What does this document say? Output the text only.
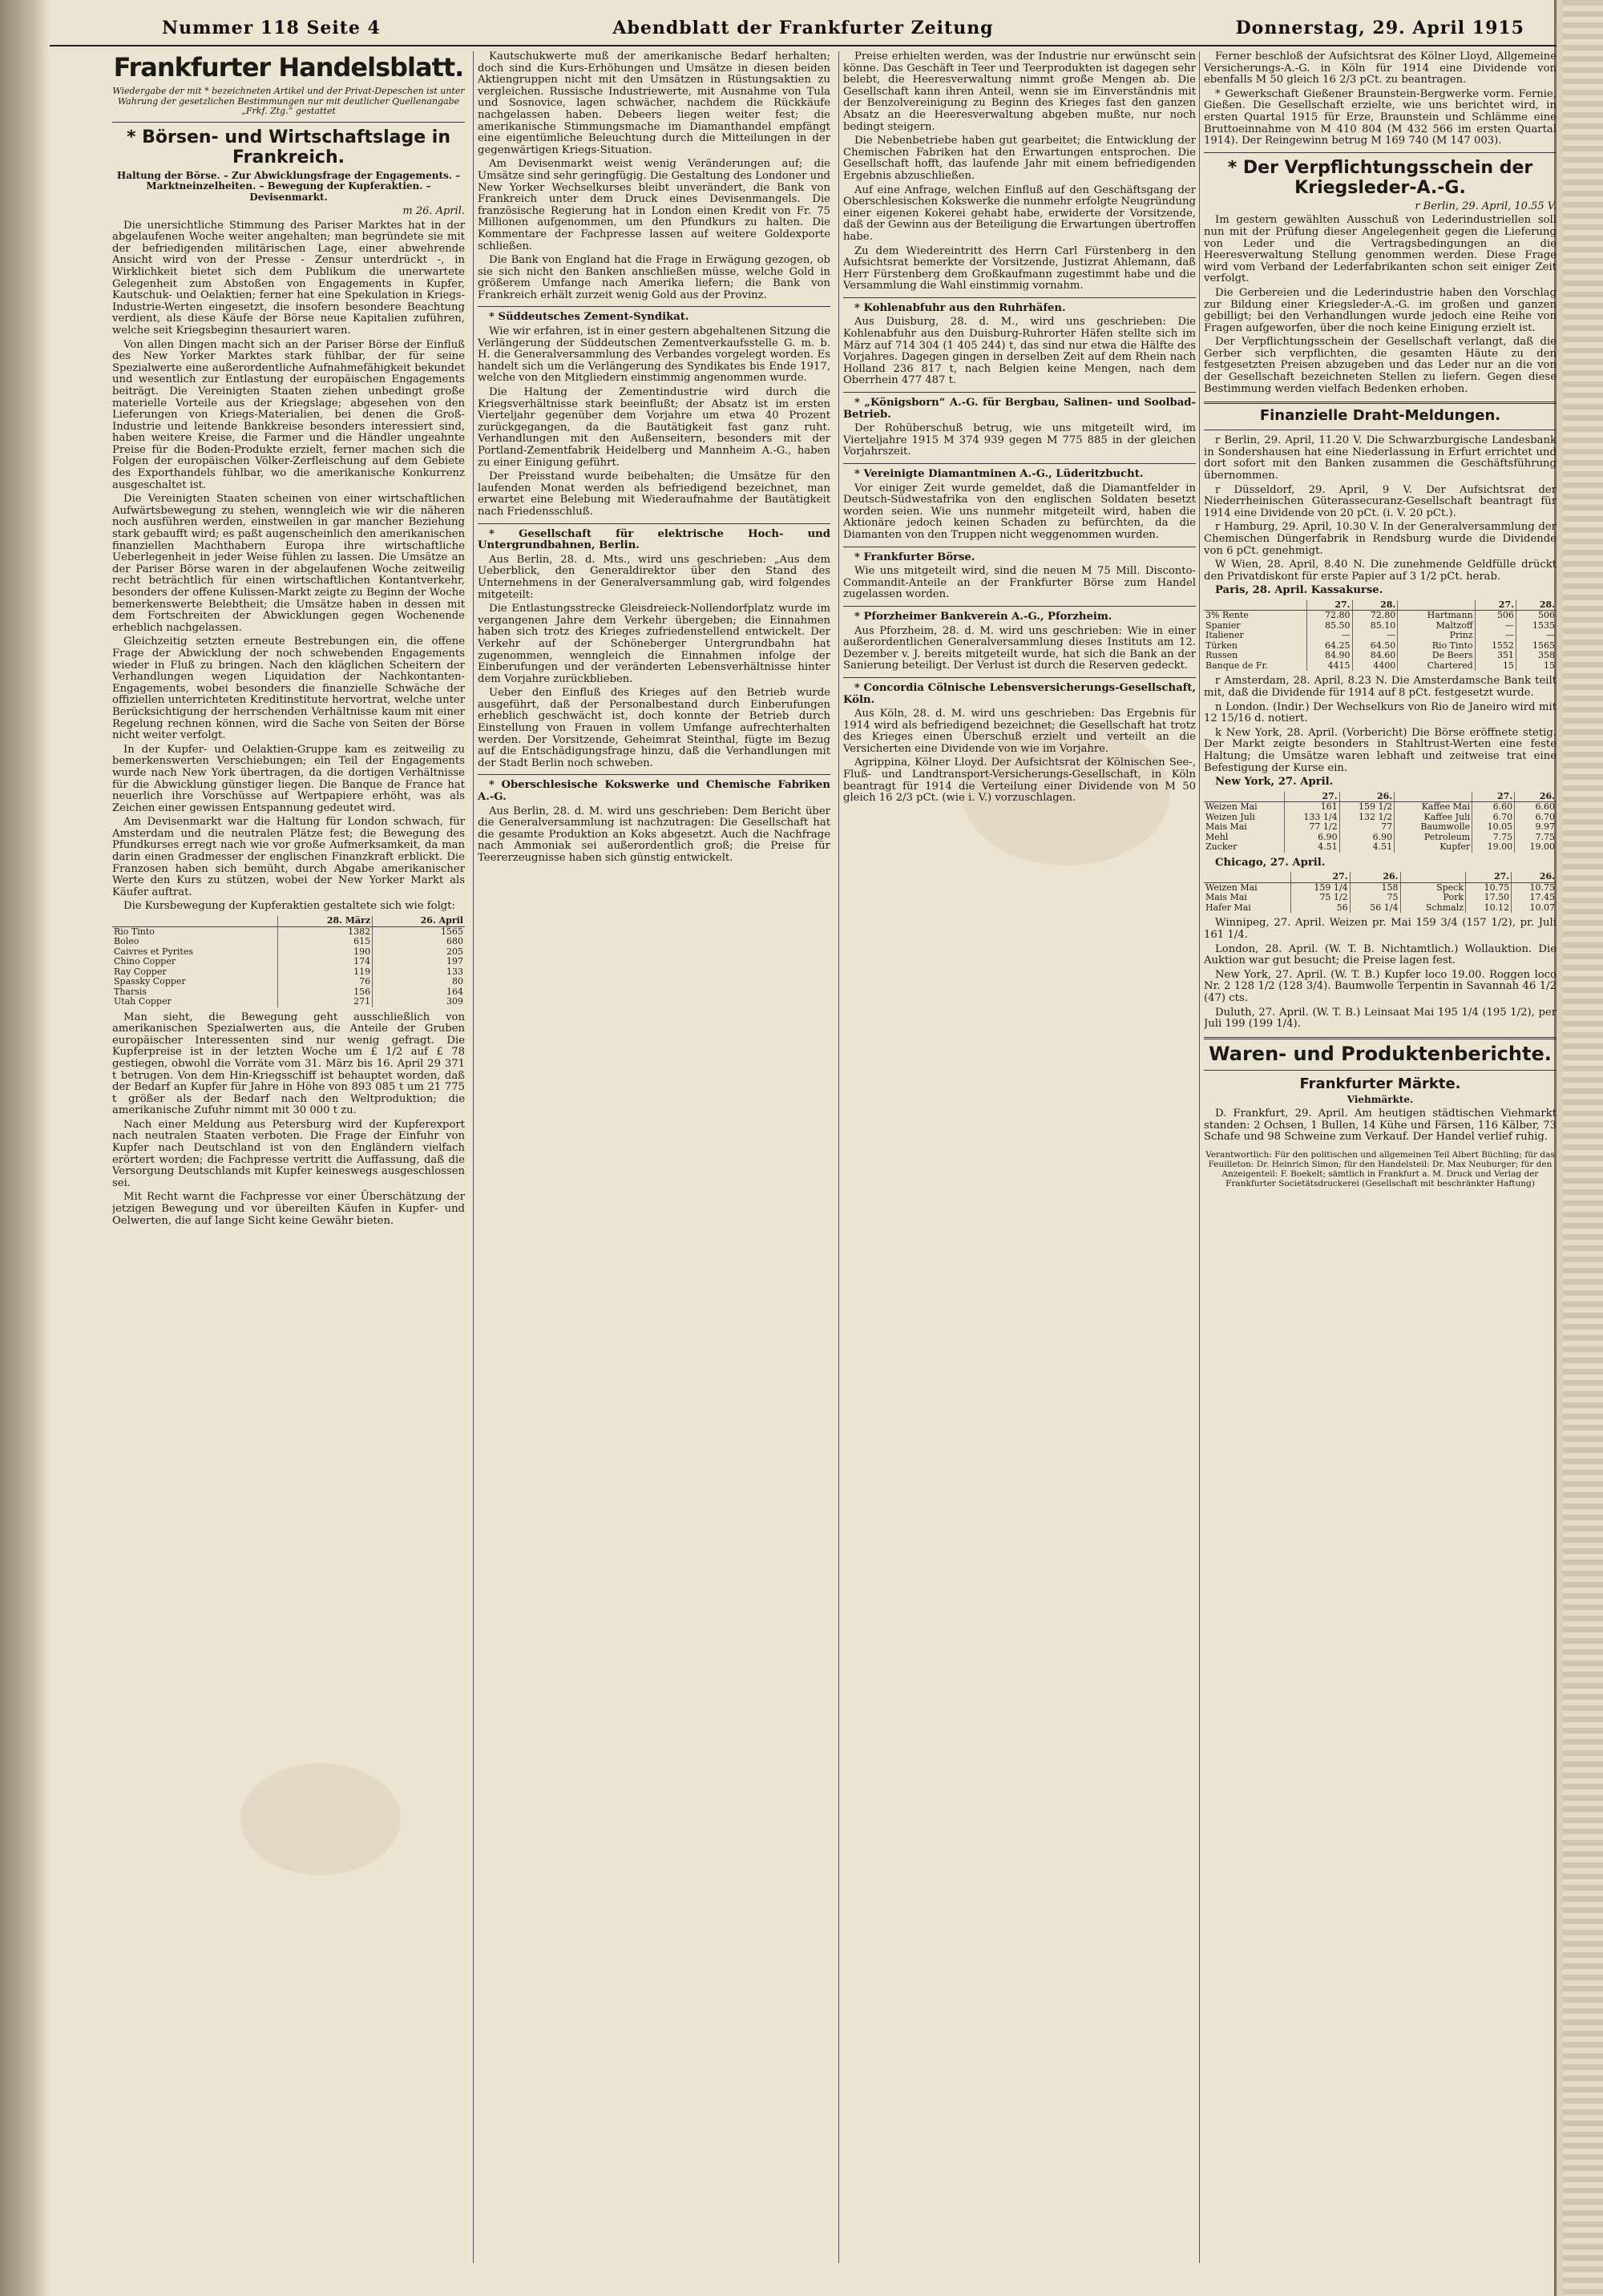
Nummer 118 Seite 4	Abendblatt der Frankfurter Zeitung	Donnerstag, 29. April 1915
Frankfurter Handelsblatt.
Wiedergabe der mit * bezeichneten Artikel und der Privat-Depeschen ist unter Wahrung der gesetzlichen Bestimmungen nur mit deutlicher Quellenangabe „Frkf. Ztg.“ gestattet
* Börsen- und Wirtschaftslage in Frankreich.
Haltung der Börse. – Zur Abwicklungsfrage der Engagements. – Marktneinzelheiten. – Bewegung der Kupferaktien. – Devisenmarkt.
m 26. April.

Die unersichtliche Stimmung des Pariser Marktes hat in der abgelaufenen Woche weiter angehalten; man begründete sie mit der befriedigenden militärischen Lage, einer abwehrende Ansicht wird von der Presse - Zensur unterdrückt -, in Wirklichkeit bietet sich dem Publikum die unerwartete Gelegenheit zum Abstoßen von Engagements in Kupfer, Kautschuk- und Oelaktien; ferner hat eine Spekulation in Kriegs-Industrie-Werten eingesetzt, die insofern besondere Beachtung verdient, als diese Käufe der Börse neue Kapitalien zuführen, welche seit Kriegsbeginn thesauriert waren.

Von allen Dingen macht sich an der Pariser Börse der Einfluß des New Yorker Marktes stark fühlbar, der für seine Spezialwerte eine außerordentliche Aufnahmefähigkeit bekundet und wesentlich zur Entlastung der europäischen Engagements beiträgt. Die Vereinigten Staaten ziehen unbedingt große materielle Vorteile aus der Kriegslage; abgesehen von den Lieferungen von Kriegs-Materialien, bei denen die Groß-Industrie und leitende Bankkreise besonders interessiert sind, haben weitere Kreise, die Farmer und die Händler ungeahnte Preise für die Boden-Produkte erzielt, ferner machen sich die Folgen der europäischen Völker-Zerfleischung auf dem Gebiete des Exporthandels fühlbar, wo die amerikanische Konkurrenz ausgeschaltet ist.

Die Vereinigten Staaten scheinen von einer wirtschaftlichen Aufwärtsbewegung zu stehen, wenngleich wie wir die näheren noch ausführen werden, einstweilen in gar mancher Beziehung stark gebaufft wird; es paßt augenscheinlich den amerikanischen finanziellen Machthabern Europa ihre wirtschaftliche Ueberlegenheit in jeder Weise fühlen zu lassen. Die Umsätze an der Pariser Börse waren in der abgelaufenen Woche zeitweilig recht beträchtlich für einen wirtschaftlichen Kontantverkehr, besonders der offene Kulissen-Markt zeigte zu Beginn der Woche bemerkenswerte Belebtheit; die Umsätze haben in dessen mit dem Fortschreiten der Abwicklungen gegen Wochenende erheblich nachgelassen.

Gleichzeitig setzten erneute Bestrebungen ein, die offene Frage der Abwicklung der noch schwebenden Engagements wieder in Fluß zu bringen. Nach den kläglichen Scheitern der Verhandlungen wegen Liquidation der Nachkontanten-Engagements, wobei besonders die finanzielle Schwäche der offiziellen unterrichteten Kreditinstitute hervortrat, welche unter Berücksichtigung der herrschenden Verhältnisse kaum mit einer Regelung rechnen können, wird die Sache von Seiten der Börse nicht weiter verfolgt.

In der Kupfer- und Oelaktien-Gruppe kam es zeitweilig zu bemerkenswerten Verschiebungen; ein Teil der Engagements wurde nach New York übertragen, da die dortigen Verhältnisse für die Abwicklung günstiger liegen. Die Banque de France hat neuerlich ihre Vorschüsse auf Wertpapiere erhöht, was als Zeichen einer gewissen Entspannung gedeutet wird.

Am Devisenmarkt war die Haltung für London schwach, für Amsterdam und die neutralen Plätze fest; die Bewegung des Pfundkurses erregt nach wie vor große Aufmerksamkeit, da man darin einen Gradmesser der englischen Finanzkraft erblickt. Die Franzosen haben sich bemüht, durch Abgabe amerikanischer Werte den Kurs zu stützen, wobei der New Yorker Markt als Käufer auftrat.

Die Kursbewegung der Kupferaktien gestaltete sich wie folgt:

	28. März	26. April
Rio Tinto	1382	1565
Boleo	615	680
Caivres et Pyrites	190	205
Chino Copper	174	197
Ray Copper	119	133
Spassky Copper	76	80
Tharsis	156	164
Utah Copper	271	309

Man sieht, die Bewegung geht ausschließlich von amerikanischen Spezialwerten aus, die Anteile der Gruben europäischer Interessenten sind nur wenig gefragt. Die Kupferpreise ist in der letzten Woche um £ 1/2 auf £ 78 gestiegen, obwohl die Vorräte vom 31. März bis 16. April 29 371 t betrugen. Von dem Hin-Kriegsschiff ist behauptet worden, daß der Bedarf an Kupfer für Jahre in Höhe von 893 085 t um 21 775 t größer als der Bedarf nach den Weltproduktion; die amerikanische Zufuhr nimmt mit 30 000 t zu.

Nach einer Meldung aus Petersburg wird der Kupferexport nach neutralen Staaten verboten. Die Frage der Einfuhr von Kupfer nach Deutschland ist von den Engländern vielfach erörtert worden; die Fachpresse vertritt die Auffassung, daß die Versorgung Deutschlands mit Kupfer keineswegs ausgeschlossen sei.

Mit Recht warnt die Fachpresse vor einer Überschätzung der jetzigen Bewegung und vor übereilten Käufen in Kupfer- und Oelwerten, die auf lange Sicht keine Gewähr bieten.

Kautschukwerte muß der amerikanische Bedarf herhalten; doch sind die Kurs-Erhöhungen und Umsätze in diesen beiden Aktiengruppen nicht mit den Umsätzen in Rüstungsaktien zu vergleichen. Russische Industriewerte, mit Ausnahme von Tula und Sosnovice, lagen schwächer, nachdem die Rückkäufe nachgelassen haben. Debeers liegen weiter fest; die amerikanische Stimmungsmache im Diamanthandel empfängt eine eigentümliche Beleuchtung durch die Mitteilungen in der gegenwärtigen Kriegs-Situation.

Am Devisenmarkt weist wenig Veränderungen auf; die Umsätze sind sehr geringfügig. Die Gestaltung des Londoner und New Yorker Wechselkurses bleibt unverändert, die Bank von Frankreich unter dem Druck eines Devisenmangels. Die französische Regierung hat in London einen Kredit von Fr. 75 Millionen aufgenommen, um den Pfundkurs zu halten. Die Kommentare der Fachpresse lassen auf weitere Goldexporte schließen.

Die Bank von England hat die Frage in Erwägung gezogen, ob sie sich nicht den Banken anschließen müsse, welche Gold in größerem Umfange nach Amerika liefern; die Bank von Frankreich erhält zurzeit wenig Gold aus der Provinz.

* Süddeutsches Zement-Syndikat.

Wie wir erfahren, ist in einer gestern abgehaltenen Sitzung die Verlängerung der Süddeutschen Zementverkaufsstelle G. m. b. H. die Generalversammlung des Verbandes vorgelegt worden. Es handelt sich um die Verlängerung des Syndikates bis Ende 1917, welche von den Mitgliedern einstimmig angenommen wurde.

Die Haltung der Zementindustrie wird durch die Kriegsverhältnisse stark beeinflußt; der Absatz ist im ersten Vierteljahr gegenüber dem Vorjahre um etwa 40 Prozent zurückgegangen, da die Bautätigkeit fast ganz ruht. Verhandlungen mit den Außenseitern, besonders mit der Portland-Zementfabrik Heidelberg und Mannheim A.-G., haben zu einer Einigung geführt.

Der Preisstand wurde beibehalten; die Umsätze für den laufenden Monat werden als befriedigend bezeichnet, man erwartet eine Belebung mit Wiederaufnahme der Bautätigkeit nach Friedensschluß.

* Gesellschaft für elektrische Hoch- und Untergrundbahnen, Berlin.

Aus Berlin, 28. d. Mts., wird uns geschrieben: „Aus dem Ueberblick, den Generaldirektor über den Stand des Unternehmens in der Generalversammlung gab, wird folgendes mitgeteilt:

Die Entlastungsstrecke Gleisdreieck-Nollendorfplatz wurde im vergangenen Jahre dem Verkehr übergeben; die Einnahmen haben sich trotz des Krieges zufriedenstellend entwickelt. Der Verkehr auf der Schöneberger Untergrundbahn hat zugenommen, wenngleich die Einnahmen infolge der Einberufungen und der veränderten Lebensverhältnisse hinter dem Vorjahre zurückblieben.

Ueber den Einfluß des Krieges auf den Betrieb wurde ausgeführt, daß der Personalbestand durch Einberufungen erheblich geschwächt ist, doch konnte der Betrieb durch Einstellung von Frauen in vollem Umfange aufrechterhalten werden. Der Vorsitzende, Geheimrat Steinthal, fügte im Bezug auf die Entschädigungsfrage hinzu, daß die Verhandlungen mit der Stadt Berlin noch schweben.

* Oberschlesische Kokswerke und Chemische Fabriken A.-G.

Aus Berlin, 28. d. M. wird uns geschrieben: Dem Bericht über die Generalversammlung ist nachzutragen: Die Gesellschaft hat die gesamte Produktion an Koks abgesetzt. Auch die Nachfrage nach Ammoniak sei außerordentlich groß; die Preise für Teererzeugnisse haben sich günstig entwickelt.

Preise erhielten werden, was der Industrie nur erwünscht sein könne. Das Geschäft in Teer und Teerprodukten ist dagegen sehr belebt, die Heeresverwaltung nimmt große Mengen ab. Die Gesellschaft kann ihren Anteil, wenn sie im Einverständnis mit der Benzolvereinigung zu Beginn des Krieges fast den ganzen Absatz an die Heeresverwaltung abgeben mußte, nur noch bedingt steigern.

Die Nebenbetriebe haben gut gearbeitet; die Entwicklung der Chemischen Fabriken hat den Erwartungen entsprochen. Die Gesellschaft hofft, das laufende Jahr mit einem befriedigenden Ergebnis abzuschließen.

Auf eine Anfrage, welchen Einfluß auf den Geschäftsgang der Oberschlesischen Kokswerke die nunmehr erfolgte Neugründung einer eigenen Kokerei gehabt habe, erwiderte der Vorsitzende, daß der Gewinn aus der Beteiligung die Erwartungen übertroffen habe.

Zu dem Wiedereintritt des Herrn Carl Fürstenberg in den Aufsichtsrat bemerkte der Vorsitzende, Justizrat Ahlemann, daß Herr Fürstenberg dem Großkaufmann zugestimmt habe und die Versammlung die Wahl einstimmig vornahm.

* Kohlenabfuhr aus den Ruhrhäfen.

Aus Duisburg, 28. d. M., wird uns geschrieben: Die Kohlenabfuhr aus den Duisburg-Ruhrorter Häfen stellte sich im März auf 714 304 (1 405 244) t, das sind nur etwa die Hälfte des Vorjahres. Dagegen gingen in derselben Zeit auf dem Rhein nach Holland 236 817 t, nach Belgien keine Mengen, nach dem Oberrhein 477 487 t.

* „Königsborn“ A.-G. für Bergbau, Salinen- und Soolbad-Betrieb.

Der Rohüberschuß betrug, wie uns mitgeteilt wird, im Vierteljahre 1915 M 374 939 gegen M 775 885 in der gleichen Vorjahrszeit.

* Vereinigte Diamantminen A.-G., Lüderitzbucht.

Vor einiger Zeit wurde gemeldet, daß die Diamantfelder in Deutsch-Südwestafrika von den englischen Soldaten besetzt worden seien. Wie uns nunmehr mitgeteilt wird, haben die Aktionäre jedoch keinen Schaden zu befürchten, da die Diamanten von den Truppen nicht weggenommen wurden.

* Frankfurter Börse.

Wie uns mitgeteilt wird, sind die neuen M 75 Mill. Disconto-Commandit-Anteile an der Frankfurter Börse zum Handel zugelassen worden.

* Pforzheimer Bankverein A.-G., Pforzheim.

Aus Pforzheim, 28. d. M. wird uns geschrieben: Wie in einer außerordentlichen Generalversammlung dieses Instituts am 12. Dezember v. J. bereits mitgeteilt wurde, hat sich die Bank an der Sanierung beteiligt. Der Verlust ist durch die Reserven gedeckt.

* Concordia Cölnische Lebensversicherungs-Gesellschaft, Köln.

Aus Köln, 28. d. M. wird uns geschrieben: Das Ergebnis für 1914 wird als befriedigend bezeichnet; die Gesellschaft hat trotz des Krieges einen Überschuß erzielt und verteilt an die Versicherten eine Dividende von wie im Vorjahre.

Agrippina, Kölner Lloyd. Der Aufsichtsrat der Kölnischen See-, Fluß- und Landtransport-Versicherungs-Gesellschaft, in Köln beantragt für 1914 die Verteilung einer Dividende von M 50 gleich 16 2/3 pCt. (wie i. V.) vorzuschlagen.

Ferner beschloß der Aufsichtsrat des Kölner Lloyd, Allgemeine Versicherungs-A.-G. in Köln für 1914 eine Dividende von ebenfalls M 50 gleich 16 2/3 pCt. zu beantragen.

* Gewerkschaft Gießener Braunstein-Bergwerke vorm. Fernie, Gießen. Die Gesellschaft erzielte, wie uns berichtet wird, in ersten Quartal 1915 für Erze, Braunstein und Schlämme eine Bruttoeinnahme von M 410 804 (M 432 566 im ersten Quartal 1914). Der Reingewinn betrug M 169 740 (M 147 003).

* Der Verpflichtungsschein der Kriegsleder-A.-G.
r Berlin, 29. April, 10.55 V.

Im gestern gewählten Ausschuß von Lederindustriellen soll nun mit der Prüfung dieser Angelegenheit gegen die Lieferung von Leder und die Vertragsbedingungen an die Heeresverwaltung Stellung genommen werden. Diese Frage wird vom Verband der Lederfabrikanten schon seit einiger Zeit verfolgt.

Die Gerbereien und die Lederindustrie haben den Vorschlag zur Bildung einer Kriegsleder-A.-G. im großen und ganzen gebilligt; bei den Verhandlungen wurde jedoch eine Reihe von Fragen aufgeworfen, über die noch keine Einigung erzielt ist.

Der Verpflichtungsschein der Gesellschaft verlangt, daß die Gerber sich verpflichten, die gesamten Häute zu den festgesetzten Preisen abzugeben und das Leder nur an die von der Gesellschaft bezeichneten Stellen zu liefern. Gegen diese Bestimmung werden vielfach Bedenken erhoben.

Finanzielle Draht-Meldungen.

r Berlin, 29. April, 11.20 V. Die Schwarzburgische Landesbank in Sondershausen hat eine Niederlassung in Erfurt errichtet und dort sofort mit den Banken zusammen die Geschäftsführung übernommen.

r Düsseldorf, 29. April, 9 V. Der Aufsichtsrat der Niederrheinischen Güterassecuranz-Gesellschaft beantragt für 1914 eine Dividende von 20 pCt. (i. V. 20 pCt.).

r Hamburg, 29. April, 10.30 V. In der Generalversammlung der Chemischen Düngerfabrik in Rendsburg wurde die Dividende von 6 pCt. genehmigt.

W Wien, 28. April, 8.40 N. Die zunehmende Geldfülle drückt den Privatdiskont für erste Papier auf 3 1/2 pCt. herab.

Paris, 28. April. Kassakurse.

	27.	28.		27.	28.
3% Rente	72.80	72.80	Hartmann	506	506
Spanier	85.50	85.10	Maltzoff	—	1535
Italiener	—	—	Prinz	—	—
Türken	64.25	64.50	Rio Tinto	1552	1565
Russen	84.90	84.60	De Beers	351	358
Banque de Fr.	4415	4400	Chartered	15	15

r Amsterdam, 28. April, 8.23 N. Die Amsterdamsche Bank teilt mit, daß die Dividende für 1914 auf 8 pCt. festgesetzt wurde.

n London. (Indir.) Der Wechselkurs von Rio de Janeiro wird mit 12 15/16 d. notiert.

k New York, 28. April. (Vorbericht) Die Börse eröffnete stetig. Der Markt zeigte besonders in Stahltrust-Werten eine feste Haltung; die Umsätze waren lebhaft und zeitweise trat eine Befestigung der Kurse ein.

New York, 27. April.

	27.	26.		27.	26.
Weizen Mai	161	159 1/2	Kaffee Mai	6.60	6.60
Weizen Juli	133 1/4	132 1/2	Kaffee Juli	6.70	6.70
Mais Mai	77 1/2	77	Baumwolle	10.05	9.97
Mehl	6.90	6.90	Petroleum	7.75	7.75
Zucker	4.51	4.51	Kupfer	19.00	19.00

Chicago, 27. April.

	27.	26.		27.	26.
Weizen Mai	159 1/4	158	Speck	10.75	10.75
Mais Mai	75 1/2	75	Pork	17.50	17.45
Hafer Mai	56	56 1/4	Schmalz	10.12	10.07

Winnipeg, 27. April. Weizen pr. Mai 159 3/4 (157 1/2), pr. Juli 161 1/4.

London, 28. April. (W. T. B. Nichtamtlich.) Wollauktion. Die Auktion war gut besucht; die Preise lagen fest.

New York, 27. April. (W. T. B.) Kupfer loco 19.00. Roggen loco Nr. 2 128 1/2 (128 3/4). Baumwolle Terpentin in Savannah 46 1/2 (47) cts.

Duluth, 27. April. (W. T. B.) Leinsaat Mai 195 1/4 (195 1/2), per Juli 199 (199 1/4).

Waren- und Produktenberichte.
Frankfurter Märkte.
Viehmärkte.

D. Frankfurt, 29. April. Am heutigen städtischen Viehmarkt standen: 2 Ochsen, 1 Bullen, 14 Kühe und Färsen, 116 Kälber, 73 Schafe und 98 Schweine zum Verkauf. Der Handel verlief ruhig.

Verantwortlich: Für den politischen und allgemeinen Teil Albert Büchling; für das Feuilleton: Dr. Heinrich Simon; für den Handelsteil: Dr. Max Neuburger; für den Anzeigenteil: F. Boekelt; sämtlich in Frankfurt a. M. Druck und Verlag der Frankfurter Societätsdruckerei (Gesellschaft mit beschränkter Haftung)
